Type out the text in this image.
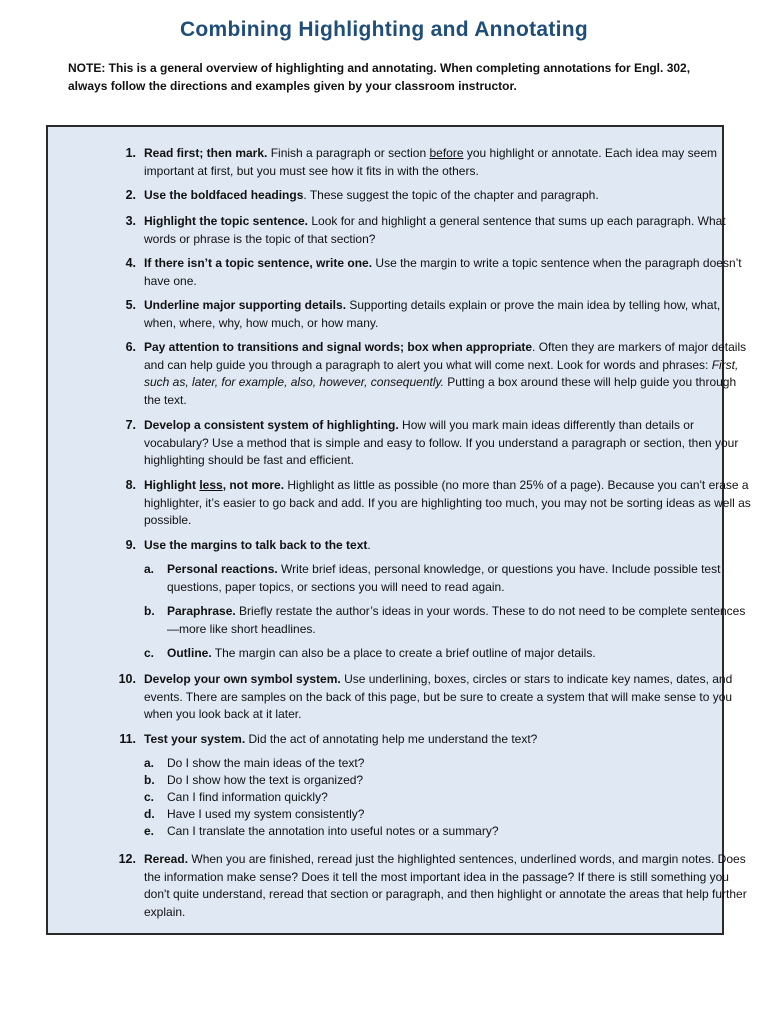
Combining Highlighting and Annotating
NOTE: This is a general overview of highlighting and annotating. When completing annotations for Engl. 302, always follow the directions and examples given by your classroom instructor.
1. Read first; then mark. Finish a paragraph or section before you highlight or annotate. Each idea may seem important at first, but you must see how it fits in with the others.
2. Use the boldfaced headings. These suggest the topic of the chapter and paragraph.
3. Highlight the topic sentence. Look for and highlight a general sentence that sums up each paragraph. What words or phrase is the topic of that section?
4. If there isn’t a topic sentence, write one. Use the margin to write a topic sentence when the paragraph doesn’t have one.
5. Underline major supporting details. Supporting details explain or prove the main idea by telling how, what, when, where, why, how much, or how many.
6. Pay attention to transitions and signal words; box when appropriate. Often they are markers of major details and can help guide you through a paragraph to alert you what will come next. Look for words and phrases: First, such as, later, for example, also, however, consequently. Putting a box around these will help guide you through the text.
7. Develop a consistent system of highlighting. How will you mark main ideas differently than details or vocabulary? Use a method that is simple and easy to follow. If you understand a paragraph or section, then your highlighting should be fast and efficient.
8. Highlight less, not more. Highlight as little as possible (no more than 25% of a page). Because you can't erase a highlighter, it’s easier to go back and add. If you are highlighting too much, you may not be sorting ideas as well as possible.
9. Use the margins to talk back to the text.
a.	Personal reactions. Write brief ideas, personal knowledge, or questions you have. Include possible test questions, paper topics, or sections you will need to read again.
b.	Paraphrase. Briefly restate the author’s ideas in your words. These to do not need to be complete sentences—more like short headlines.
c.	Outline. The margin can also be a place to create a brief outline of major details.
10. Develop your own symbol system. Use underlining, boxes, circles or stars to indicate key names, dates, and events. There are samples on the back of this page, but be sure to create a system that will make sense to you when you look back at it later.
11. Test your system. Did the act of annotating help me understand the text?
a.	Do I show the main ideas of the text?
b.	Do I show how the text is organized?
c.	Can I find information quickly?
d.	Have I used my system consistently?
e.	Can I translate the annotation into useful notes or a summary?
12. Reread. When you are finished, reread just the highlighted sentences, underlined words, and margin notes. Does the information make sense? Does it tell the most important idea in the passage? If there is still something you don't quite understand, reread that section or paragraph, and then highlight or annotate the areas that help further explain.
